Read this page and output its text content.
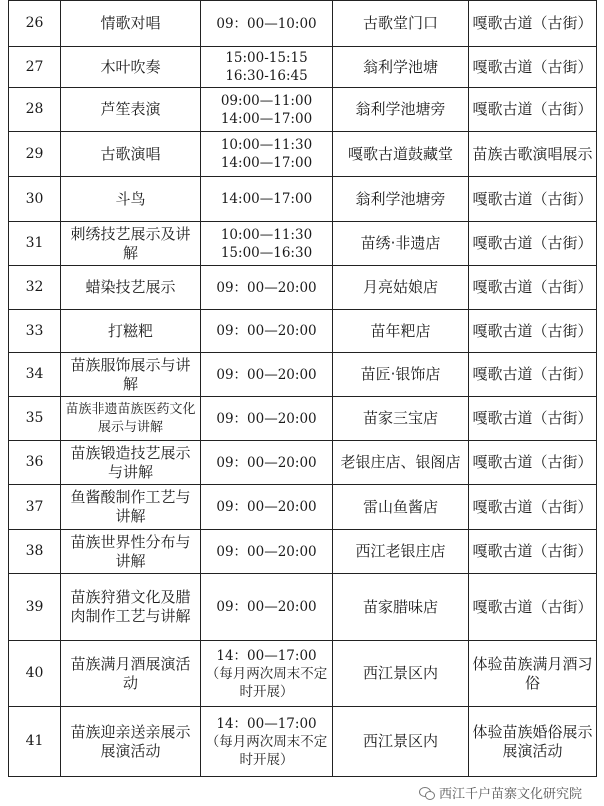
26	情歌对唱	09：00—10:00	古歌堂门口	嘎歌古道（古街）
27	木叶吹奏	15:00-15:15
16:30-16:45	翁利学池塘	嘎歌古道（古街）
28	芦笙表演	09:00—11:00
14:00—17:00	翁利学池塘旁	嘎歌古道（古街）
29	古歌演唱	10:00—11:30
14:00—17:00	嘎歌古道鼓藏堂	苗族古歌演唱展示
30	斗鸟	14:00—17:00	翁利学池塘旁	嘎歌古道（古街）
31	刺绣技艺展示及讲解	10:00—11:30
15:00—16:30	苗绣·非遗店	嘎歌古道（古街）
32	蜡染技艺展示	09：00—20:00	月亮姑娘店	嘎歌古道（古街）
33	打糍粑	09：00—20:00	苗年粑店	嘎歌古道（古街）
34	苗族服饰展示与讲解	09：00—20:00	苗匠·银饰店	嘎歌古道（古街）
35	苗族非遗苗族医药文化展示与讲解	09：00—20:00	苗家三宝店	嘎歌古道（古街）
36	苗族锻造技艺展示与讲解	09：00—20:00	老银庄店、银阁店	嘎歌古道（古街）
37	鱼酱酸制作工艺与讲解	09：00—20:00	雷山鱼酱店	嘎歌古道（古街）
38	苗族世界性分布与讲解	09：00—20:00	西江老银庄店	嘎歌古道（古街）
39	苗族狩猎文化及腊肉制作工艺与讲解	09：00—20:00	苗家腊味店	嘎歌古道（古街）
40	苗族满月酒展演活动	14：00—17:00
（每月两次周末不定时开展）	西江景区内	体验苗族满月酒习俗
41	苗族迎亲送亲展示展演活动	14：00—17:00
（每月两次周末不定时开展）	西江景区内	体验苗族婚俗展示展演活动
西江千户苗寨文化研究院
